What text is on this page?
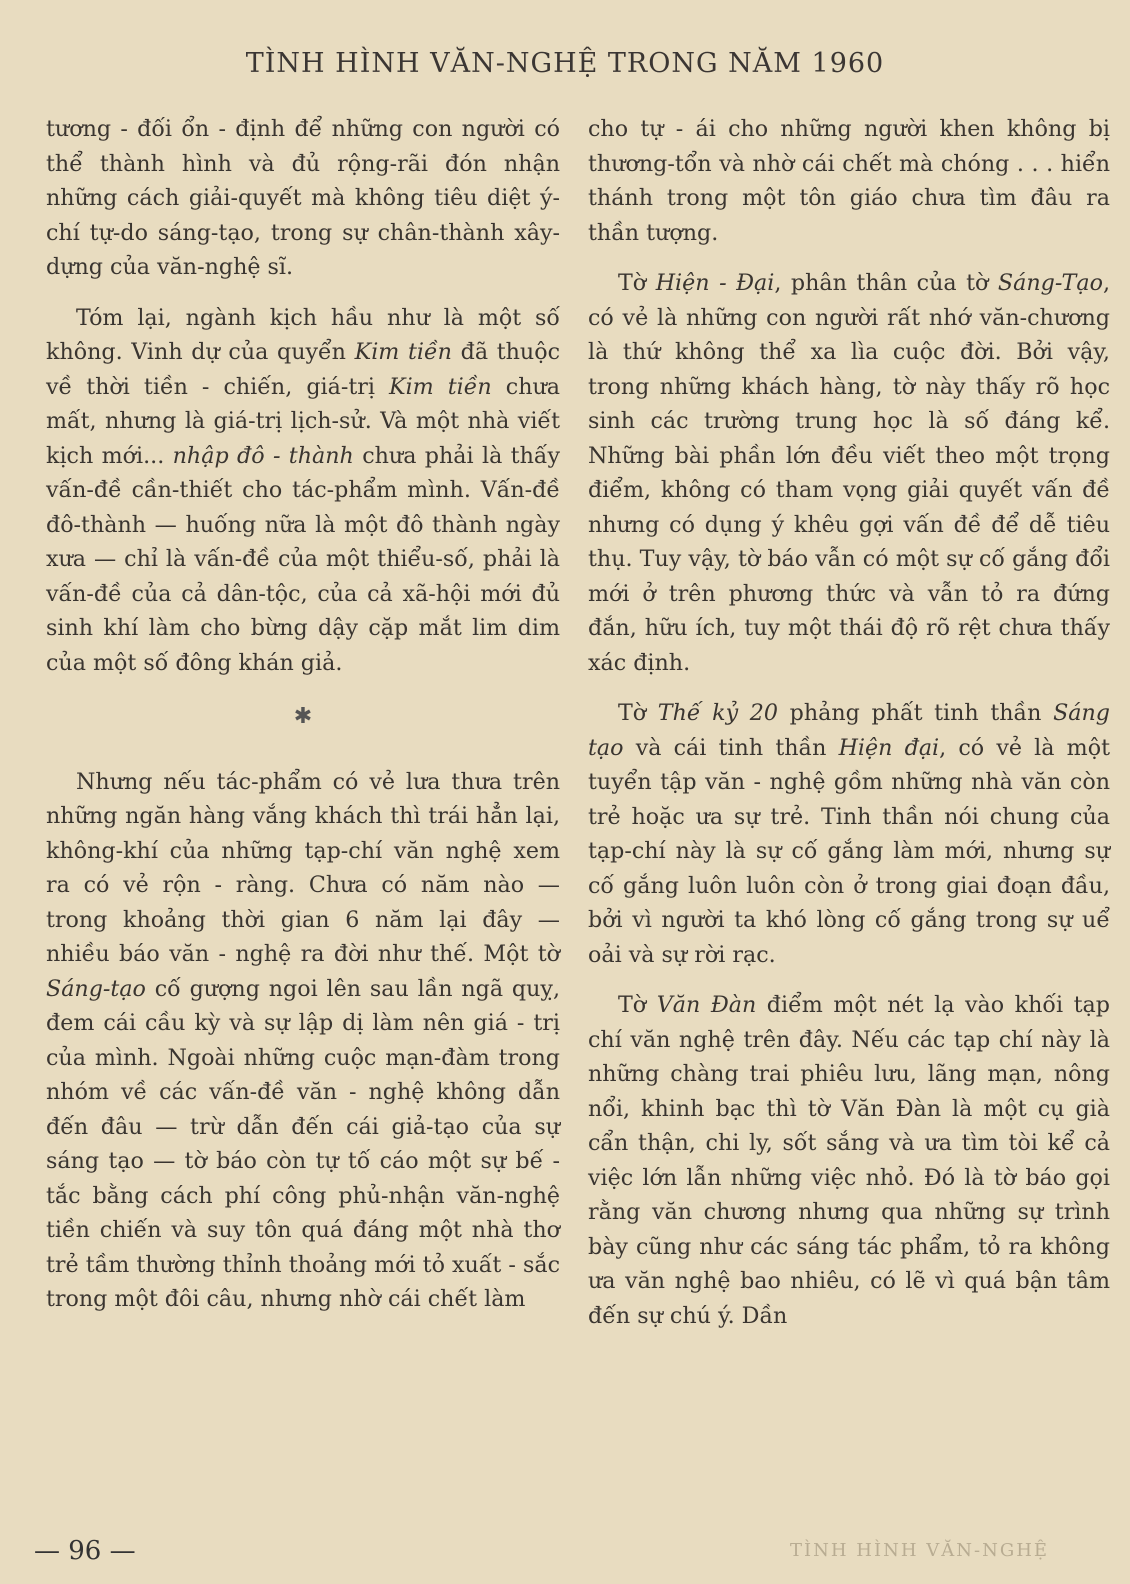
TÌNH HÌNH VĂN-NGHỆ TRONG NĂM 1960

tương - đối ổn - định để những con người có thể thành hình và đủ rộng-rãi đón nhận những cách giải-quyết mà không tiêu diệt ý-chí tự-do sáng-tạo, trong sự chân-thành xây-dựng của văn-nghệ sĩ.

Tóm lại, ngành kịch hầu như là một số không. Vinh dự của quyển Kim tiền đã thuộc về thời tiền - chiến, giá-trị Kim tiền chưa mất, nhưng là giá-trị lịch-sử. Và một nhà viết kịch mới... nhập đô - thành chưa phải là thấy vấn-đề cần-thiết cho tác-phẩm mình. Vấn-đề đô-thành — huống nữa là một đô thành ngày xưa — chỉ là vấn-đề của một thiểu-số, phải là vấn-đề của cả dân-tộc, của cả xã-hội mới đủ sinh khí làm cho bừng dậy cặp mắt lim dim của một số đông khán giả.

✱

Nhưng nếu tác-phẩm có vẻ lưa thưa trên những ngăn hàng vắng khách thì trái hẳn lại, không-khí của những tạp-chí văn nghệ xem ra có vẻ rộn - ràng. Chưa có năm nào — trong khoảng thời gian 6 năm lại đây — nhiều báo văn - nghệ ra đời như thế. Một tờ Sáng-tạo cố gượng ngoi lên sau lần ngã quỵ, đem cái cầu kỳ và sự lập dị làm nên giá - trị của mình. Ngoài những cuộc mạn-đàm trong nhóm về các vấn-đề văn - nghệ không dẫn đến đâu — trừ dẫn đến cái giả-tạo của sự sáng tạo — tờ báo còn tự tố cáo một sự bế - tắc bằng cách phí công phủ-nhận văn-nghệ tiền chiến và suy tôn quá đáng một nhà thơ trẻ tầm thường thỉnh thoảng mới tỏ xuất - sắc trong một đôi câu, nhưng nhờ cái chết làm

cho tự - ái cho những người khen không bị thương-tổn và nhờ cái chết mà chóng . . . hiển thánh trong một tôn giáo chưa tìm đâu ra thần tượng.

Tờ Hiện - Đại, phân thân của tờ Sáng-Tạo, có vẻ là những con người rất nhớ văn-chương là thứ không thể xa lìa cuộc đời. Bởi vậy, trong những khách hàng, tờ này thấy rõ học sinh các trường trung học là số đáng kể. Những bài phần lớn đều viết theo một trọng điểm, không có tham vọng giải quyết vấn đề nhưng có dụng ý khêu gợi vấn đề để dễ tiêu thụ. Tuy vậy, tờ báo vẫn có một sự cố gắng đổi mới ở trên phương thức và vẫn tỏ ra đứng đắn, hữu ích, tuy một thái độ rõ rệt chưa thấy xác định.

Tờ Thế kỷ 20 phảng phất tinh thần Sáng tạo và cái tinh thần Hiện đại, có vẻ là một tuyển tập văn - nghệ gồm những nhà văn còn trẻ hoặc ưa sự trẻ. Tinh thần nói chung của tạp-chí này là sự cố gắng làm mới, nhưng sự cố gắng luôn luôn còn ở trong giai đoạn đầu, bởi vì người ta khó lòng cố gắng trong sự uể oải và sự rời rạc.

Tờ Văn Đàn điểm một nét lạ vào khối tạp chí văn nghệ trên đây. Nếu các tạp chí này là những chàng trai phiêu lưu, lãng mạn, nông nổi, khinh bạc thì tờ Văn Đàn là một cụ già cẩn thận, chi ly, sốt sắng và ưa tìm tòi kể cả việc lớn lẫn những việc nhỏ. Đó là tờ báo gọi rằng văn chương nhưng qua những sự trình bày cũng như các sáng tác phẩm, tỏ ra không ưa văn nghệ bao nhiêu, có lẽ vì quá bận tâm đến sự chú ý. Dần

— 96 —	TÌNH HÌNH VĂN-NGHỆ
